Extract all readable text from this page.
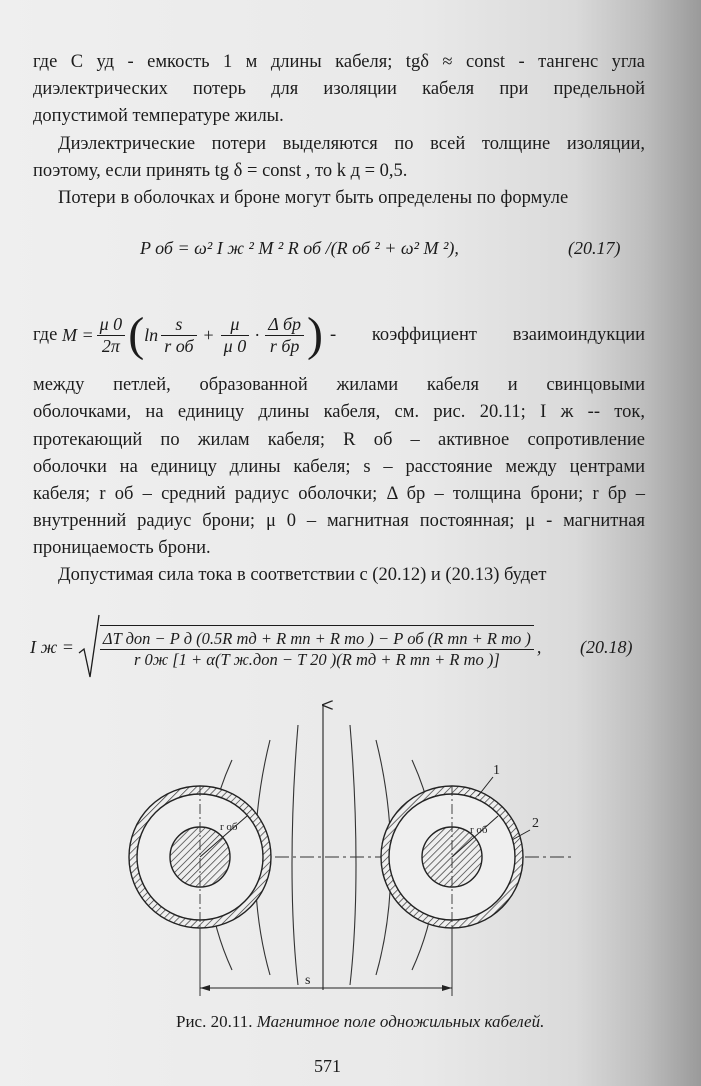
где C уд - емкость 1 м длины кабеля; tgδ ≈ const - тангенс угла
диэлектрических потерь для изоляции кабеля при предельной
допустимой температуре жилы.
Диэлектрические потери выделяются по всей толщине изоляции,
поэтому, если принять tg δ = const , то k д = 0,5.
Потери в оболочках и броне могут быть определены по формуле
P об = ω² I ж ² M ² R об /(R об ² + ω² M ²),	(20.17)
где $M = \frac{\mu 0}{2\pi}$ ( $\ln \frac{s}{\text{r об}} + \frac{\mu}{\mu 0} \cdot \frac{\text{Δ бр}}{\text{r бр}}$ ) - коэффициент взаимоиндукции
между петлей, образованной жилами кабеля и свинцовыми
оболочками, на единицу длины кабеля, см. рис. 20.11; I ж -- ток,
протекающий по жилам кабеля; R об – активное сопротивление
оболочки на единицу длины кабеля; s – расстояние между центрами
кабеля; r об – средний радиус оболочки; Δ бр – толщина брони; r бр –
внутренний радиус брони; μ 0 – магнитная постоянная; μ - магнитная
проницаемость брони.
Допустимая сила тока в соответствии с (20.12) и (20.13) будет
I $ж = \frac{\text{ΔT доп − P д (0.5R тд + R тп + R то ) − P об (R тп + R то )}}{\text{r 0ж [1 + α(T ж.доп − T 20 )(R тд + R тп + R то )]}}$ , (20.18)
r об	r об
1
2
s
Рис. 20.11. Магнитное поле одножильных кабелей.
571
